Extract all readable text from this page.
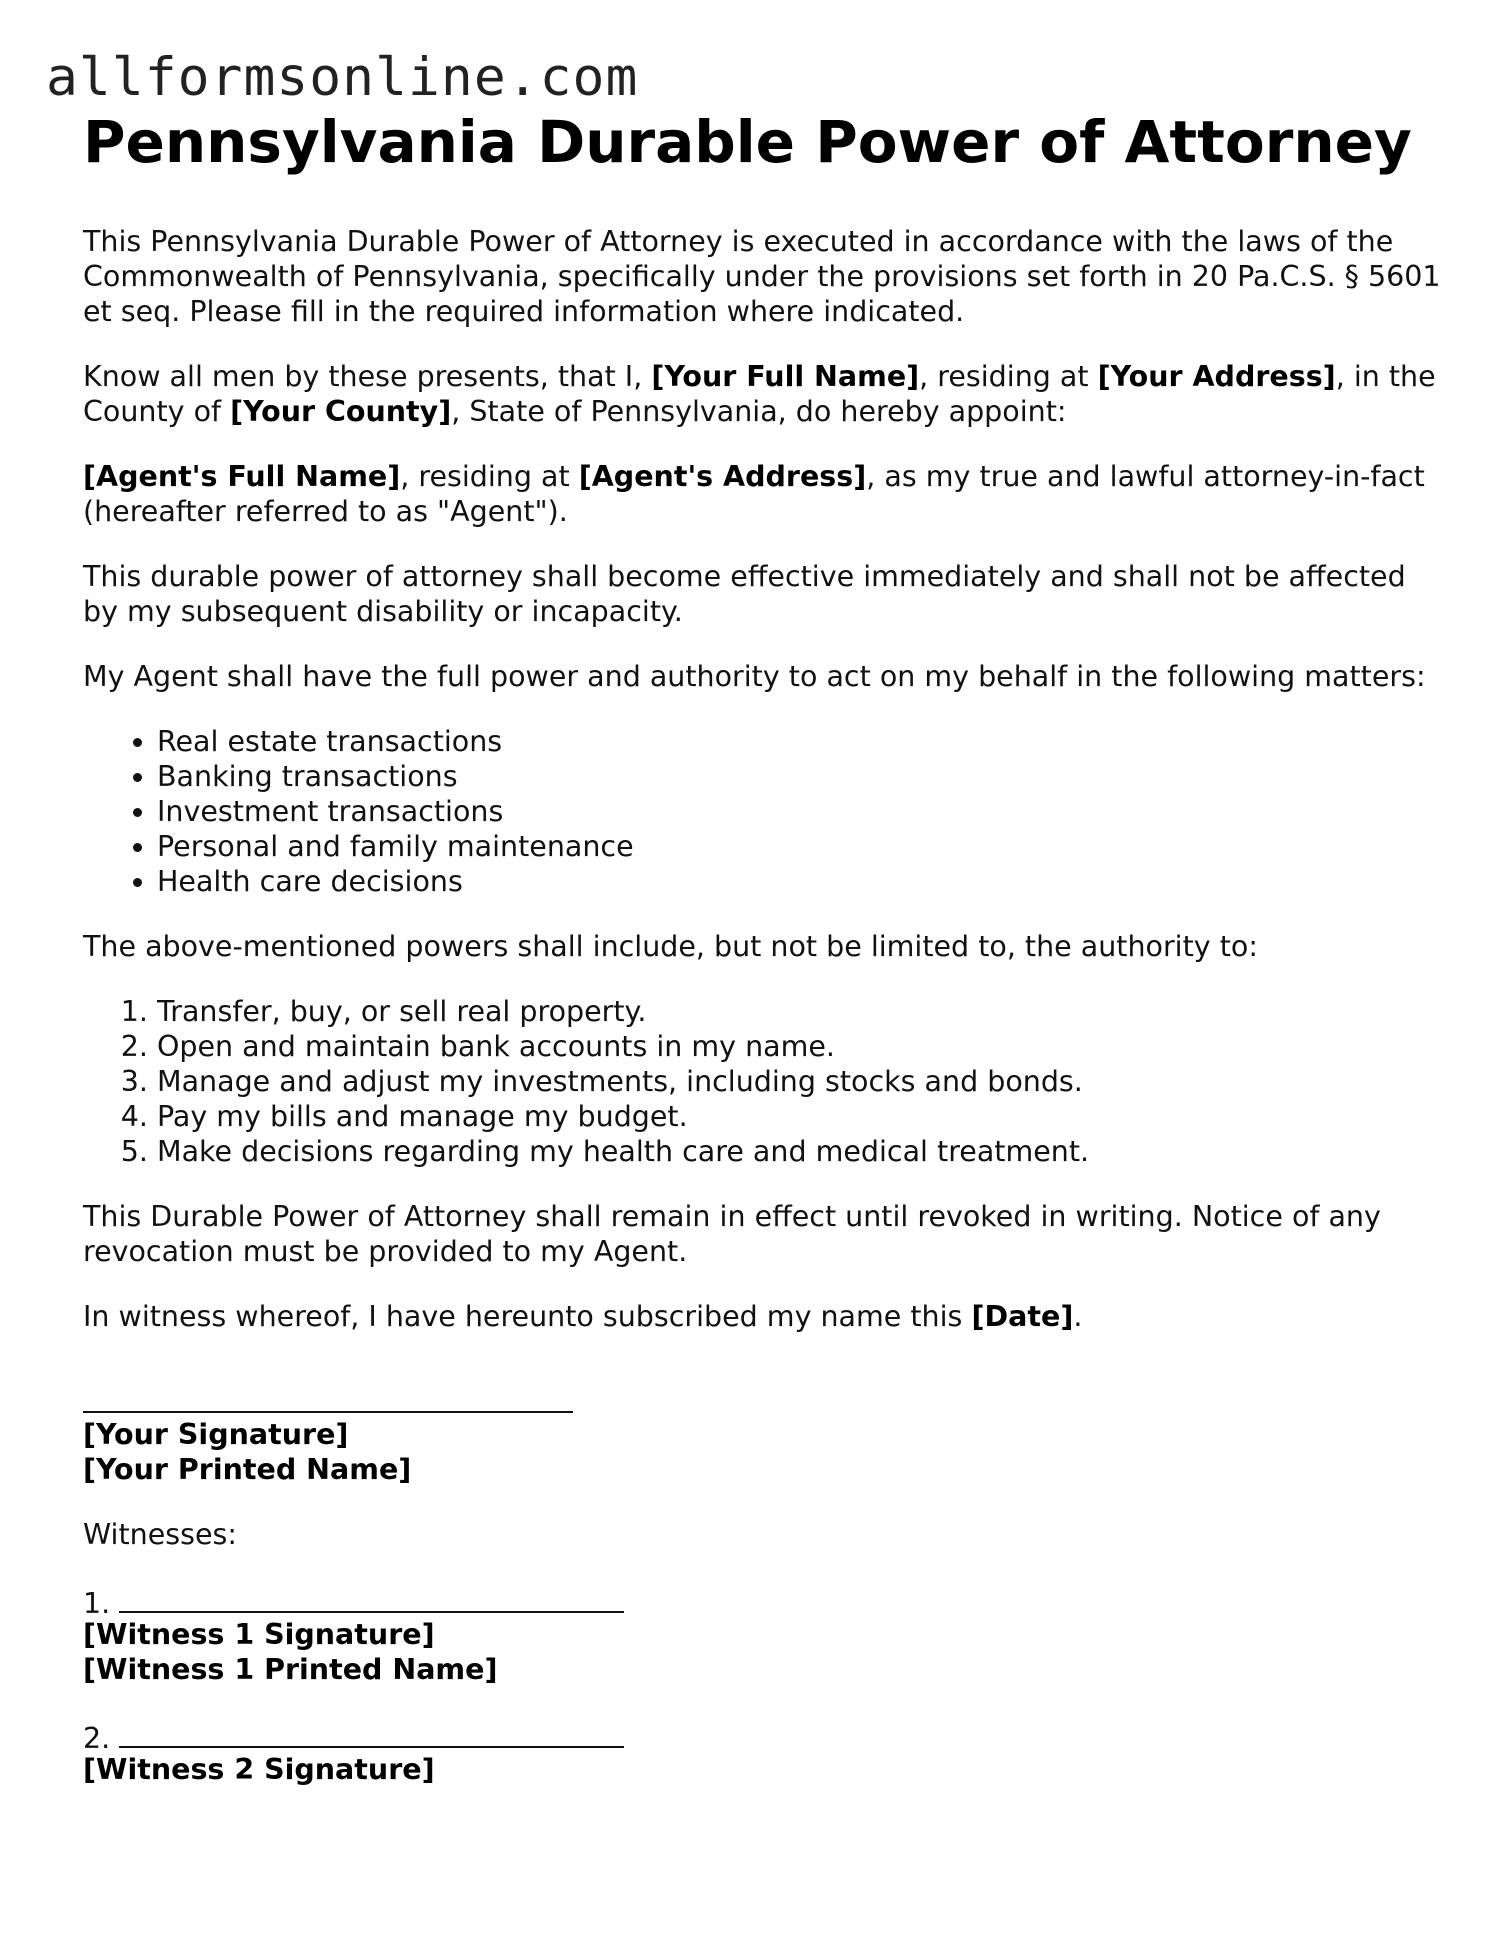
allformsonline.com
Pennsylvania Durable Power of Attorney

This Pennsylvania Durable Power of Attorney is executed in accordance with the laws of the Commonwealth of Pennsylvania, specifically under the provisions set forth in 20 Pa.C.S. § 5601 et seq. Please fill in the required information where indicated.

Know all men by these presents, that I, [Your Full Name], residing at [Your Address], in the County of [Your County], State of Pennsylvania, do hereby appoint:

[Agent's Full Name], residing at [Agent's Address], as my true and lawful attorney-in-fact (hereafter referred to as "Agent").

This durable power of attorney shall become effective immediately and shall not be affected by my subsequent disability or incapacity.

My Agent shall have the full power and authority to act on my behalf in the following matters:

• Real estate transactions
• Banking transactions
• Investment transactions
• Personal and family maintenance
• Health care decisions

The above-mentioned powers shall include, but not be limited to, the authority to:

1. Transfer, buy, or sell real property.
2. Open and maintain bank accounts in my name.
3. Manage and adjust my investments, including stocks and bonds.
4. Pay my bills and manage my budget.
5. Make decisions regarding my health care and medical treatment.

This Durable Power of Attorney shall remain in effect until revoked in writing. Notice of any revocation must be provided to my Agent.

In witness whereof, I have hereunto subscribed my name this [Date].

[Your Signature]
[Your Printed Name]

Witnesses:

1.
[Witness 1 Signature]
[Witness 1 Printed Name]
2.
[Witness 2 Signature]
